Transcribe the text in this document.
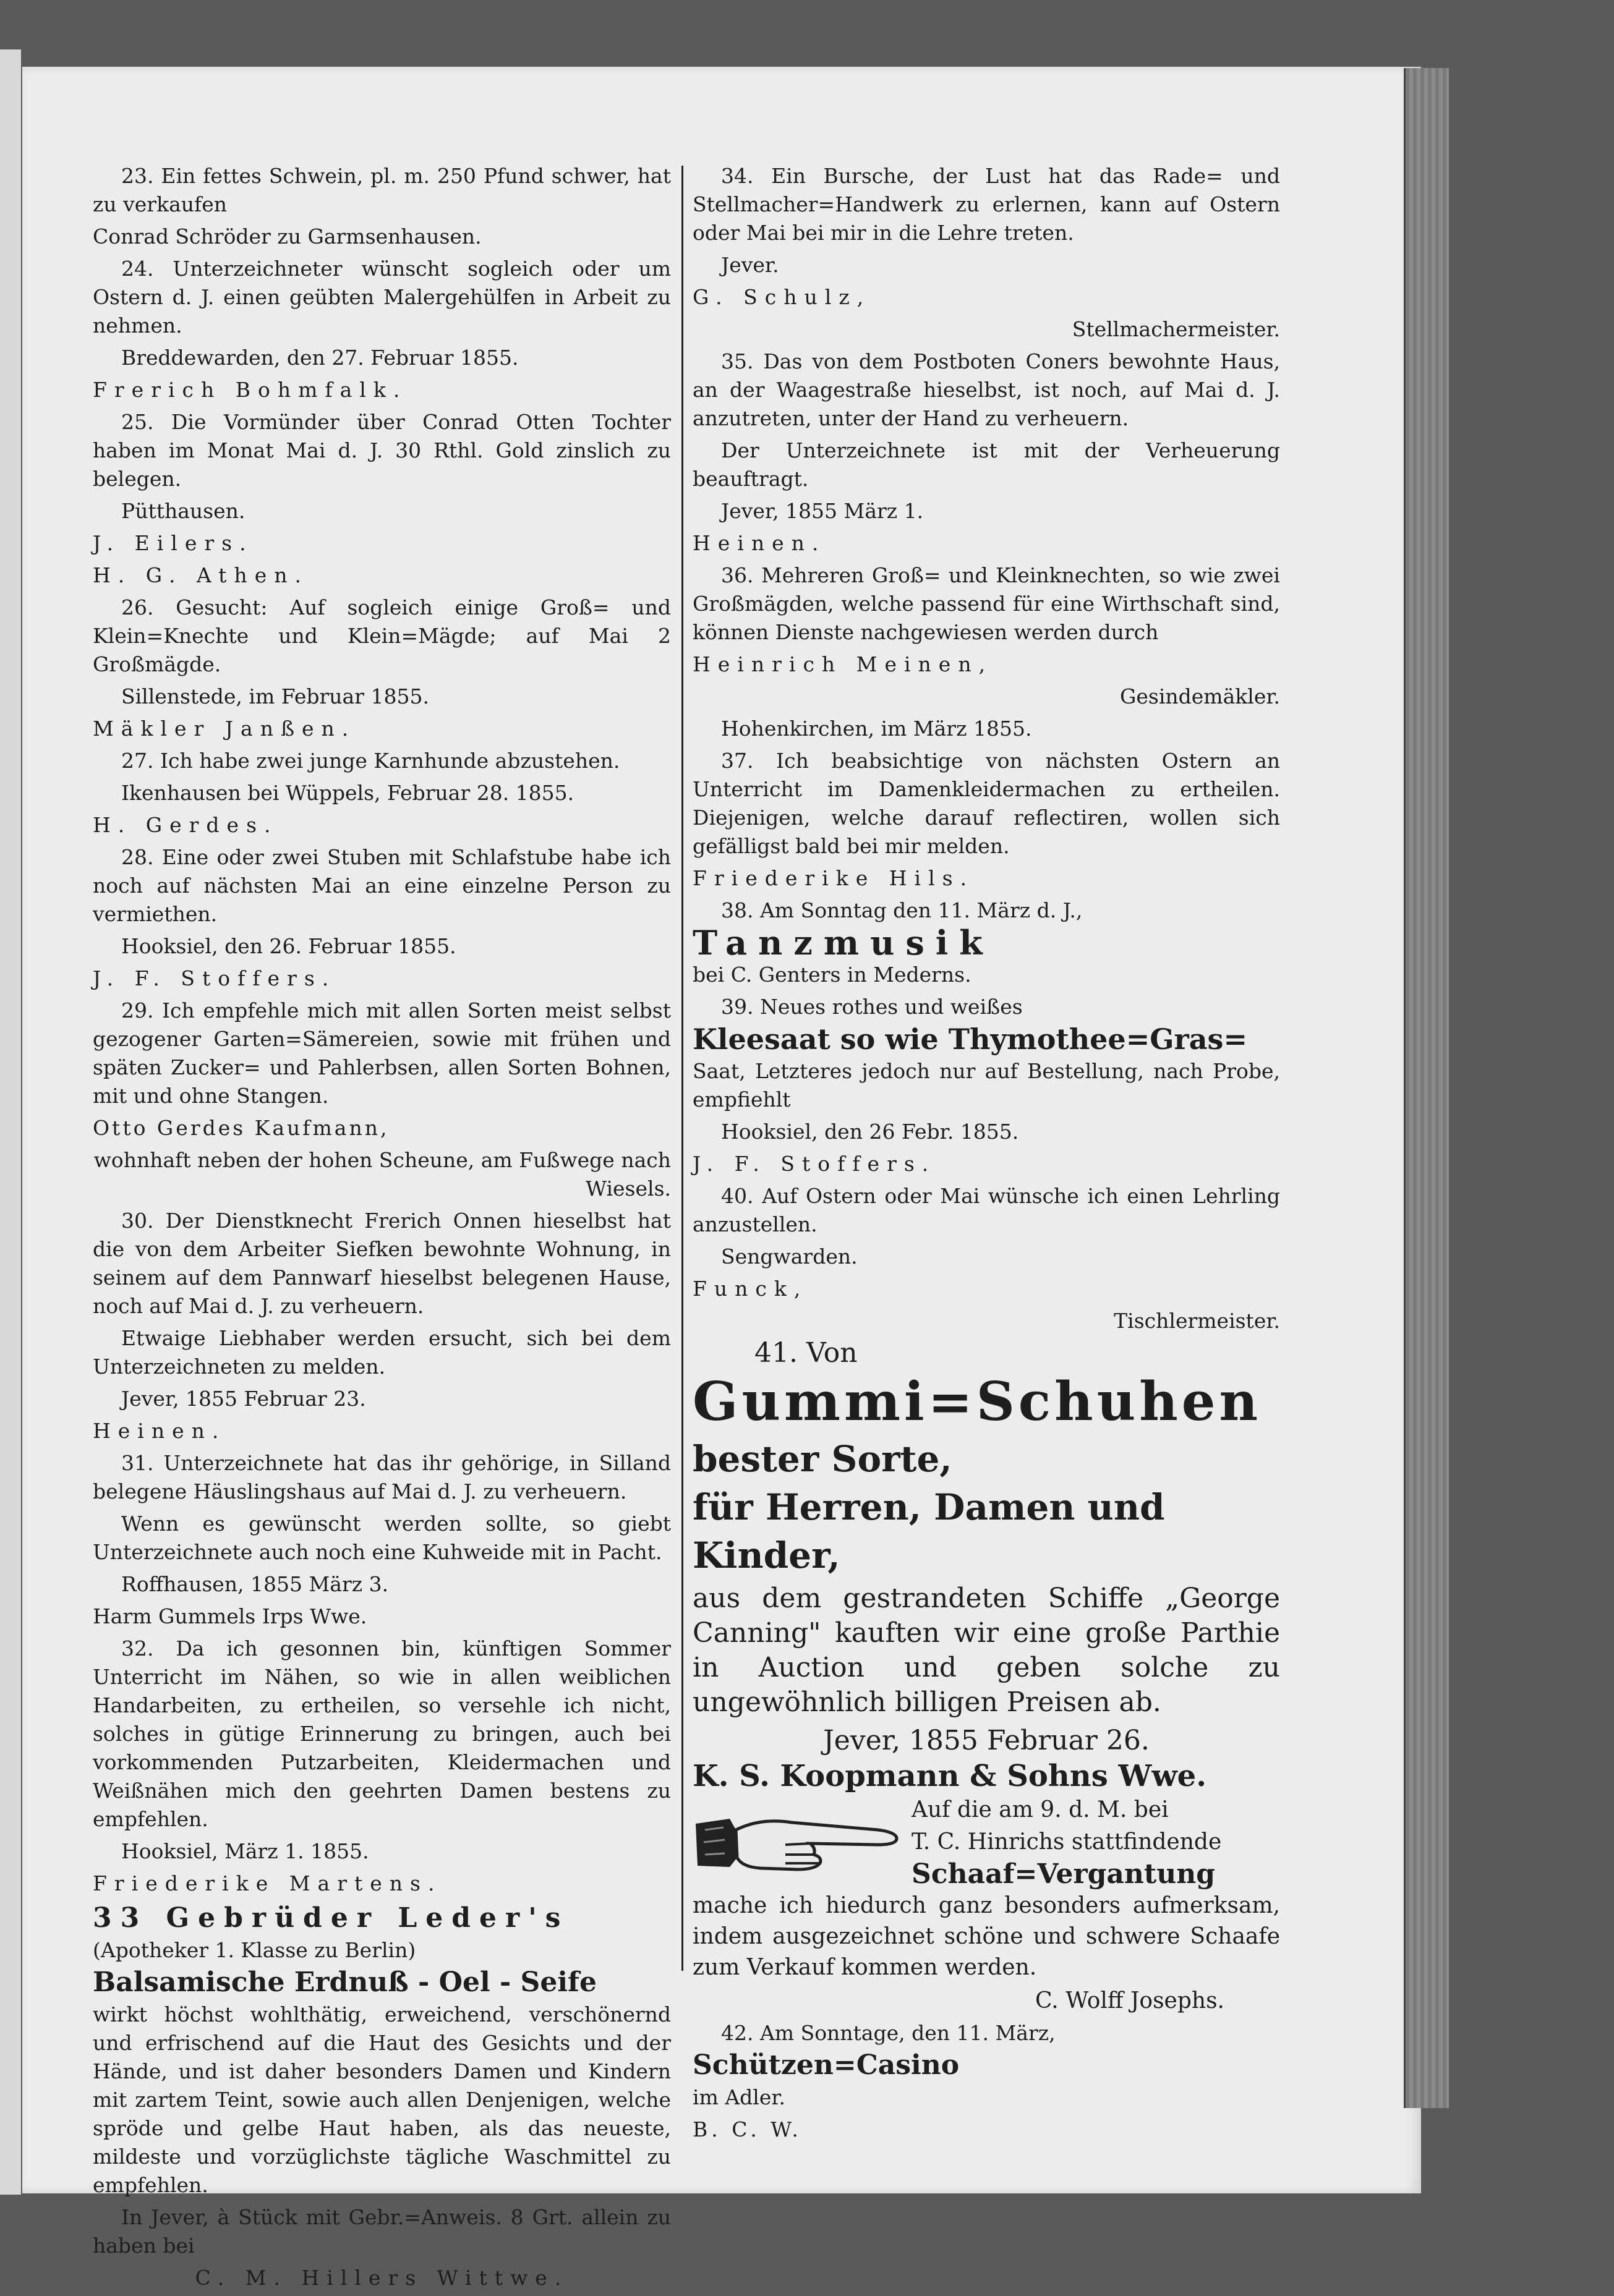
23. Ein fettes Schwein, pl. m. 250 Pfund schwer, hat zu verkaufen

Conrad Schröder zu Garmsenhausen.

24. Unterzeichneter wünscht sogleich oder um Ostern d. J. einen geübten Malergehülfen in Arbeit zu nehmen.

Breddewarden, den 27. Februar 1855.

Frerich Bohmfalk.

25. Die Vormünder über Conrad Otten Tochter haben im Monat Mai d. J. 30 Rthl. Gold zinslich zu belegen.

Pütthausen.

J. Eilers.

H. G. Athen.

26. Gesucht: Auf sogleich einige Groß= und Klein=Knechte und Klein=Mägde; auf Mai 2 Großmägde.

Sillenstede, im Februar 1855.

Mäkler Janßen.

27. Ich habe zwei junge Karnhunde abzustehen.

Ikenhausen bei Wüppels, Februar 28. 1855.

H. Gerdes.

28. Eine oder zwei Stuben mit Schlafstube habe ich noch auf nächsten Mai an eine einzelne Person zu vermiethen.

Hooksiel, den 26. Februar 1855.

J. F. Stoffers.

29. Ich empfehle mich mit allen Sorten meist selbst gezogener Garten=Sämereien, sowie mit frühen und späten Zucker= und Pahlerbsen, allen Sorten Bohnen, mit und ohne Stangen.

Otto Gerdes Kaufmann,

wohnhaft neben der hohen Scheune, am Fußwege nach Wiesels.

30. Der Dienstknecht Frerich Onnen hieselbst hat die von dem Arbeiter Siefken bewohnte Wohnung, in seinem auf dem Pannwarf hieselbst belegenen Hause, noch auf Mai d. J. zu verheuern.

Etwaige Liebhaber werden ersucht, sich bei dem Unterzeichneten zu melden.

Jever, 1855 Februar 23.

Heinen.

31. Unterzeichnete hat das ihr gehörige, in Silland belegene Häuslingshaus auf Mai d. J. zu verheuern.

Wenn es gewünscht werden sollte, so giebt Unterzeichnete auch noch eine Kuhweide mit in Pacht.

Roffhausen, 1855 März 3.

Harm Gummels Irps Wwe.

32. Da ich gesonnen bin, künftigen Sommer Unterricht im Nähen, so wie in allen weiblichen Handarbeiten, zu ertheilen, so versehle ich nicht, solches in gütige Erinnerung zu bringen, auch bei vorkommenden Putzarbeiten, Kleidermachen und Weißnähen mich den geehrten Damen bestens zu empfehlen.

Hooksiel, März 1. 1855.

Friederike Martens.

33 Gebrüder Leder's

(Apotheker 1. Klasse zu Berlin)

Balsamische Erdnuß - Oel - Seife

wirkt höchst wohlthätig, erweichend, verschönernd und erfrischend auf die Haut des Gesichts und der Hände, und ist daher besonders Damen und Kindern mit zartem Teint, sowie auch allen Denjenigen, welche spröde und gelbe Haut haben, als das neueste, mildeste und vorzüglichste tägliche Waschmittel zu empfehlen.

In Jever, à Stück mit Gebr.=Anweis. 8 Grt. allein zu haben bei

C. M. Hillers Wittwe.

34. Ein Bursche, der Lust hat das Rade= und Stellmacher=Handwerk zu erlernen, kann auf Ostern oder Mai bei mir in die Lehre treten.

Jever.

G. Schulz,

Stellmachermeister.

35. Das von dem Postboten Coners bewohnte Haus, an der Waagestraße hieselbst, ist noch, auf Mai d. J. anzutreten, unter der Hand zu verheuern.

Der Unterzeichnete ist mit der Verheuerung beauftragt.

Jever, 1855 März 1.

Heinen.

36. Mehreren Groß= und Kleinknechten, so wie zwei Großmägden, welche passend für eine Wirthschaft sind, können Dienste nachgewiesen werden durch

Heinrich Meinen,

Gesindemäkler.

Hohenkirchen, im März 1855.

37. Ich beabsichtige von nächsten Ostern an Unterricht im Damenkleidermachen zu ertheilen. Diejenigen, welche darauf reflectiren, wollen sich gefälligst bald bei mir melden.

Friederike Hils.

38. Am Sonntag den 11. März d. J.,

Tanzmusik

bei C. Genters in Mederns.

39. Neues rothes und weißes

Kleesaat so wie Thymothee=Gras=

Saat, Letzteres jedoch nur auf Bestellung, nach Probe, empfiehlt

Hooksiel, den 26 Febr. 1855.

J. F. Stoffers.

40. Auf Ostern oder Mai wünsche ich einen Lehrling anzustellen.

Sengwarden.

Funck,

Tischlermeister.

41. Von

Gummi=Schuhen

bester Sorte,

für Herren, Damen und

Kinder,

aus dem gestrandeten Schiffe „George Canning" kauften wir eine große Parthie in Auction und geben solche zu ungewöhnlich billigen Preisen ab.

Jever, 1855 Februar 26.

K. S. Koopmann & Sohns Wwe.

Auf die am 9. d. M. bei

T. C. Hinrichs stattfindende

Schaaf=Vergantung

mache ich hiedurch ganz besonders aufmerksam, indem ausgezeichnet schöne und schwere Schaafe zum Verkauf kommen werden.

C. Wolff Josephs.

42. Am Sonntage, den 11. März,

Schützen=Casino

im Adler.

B. C. W.
